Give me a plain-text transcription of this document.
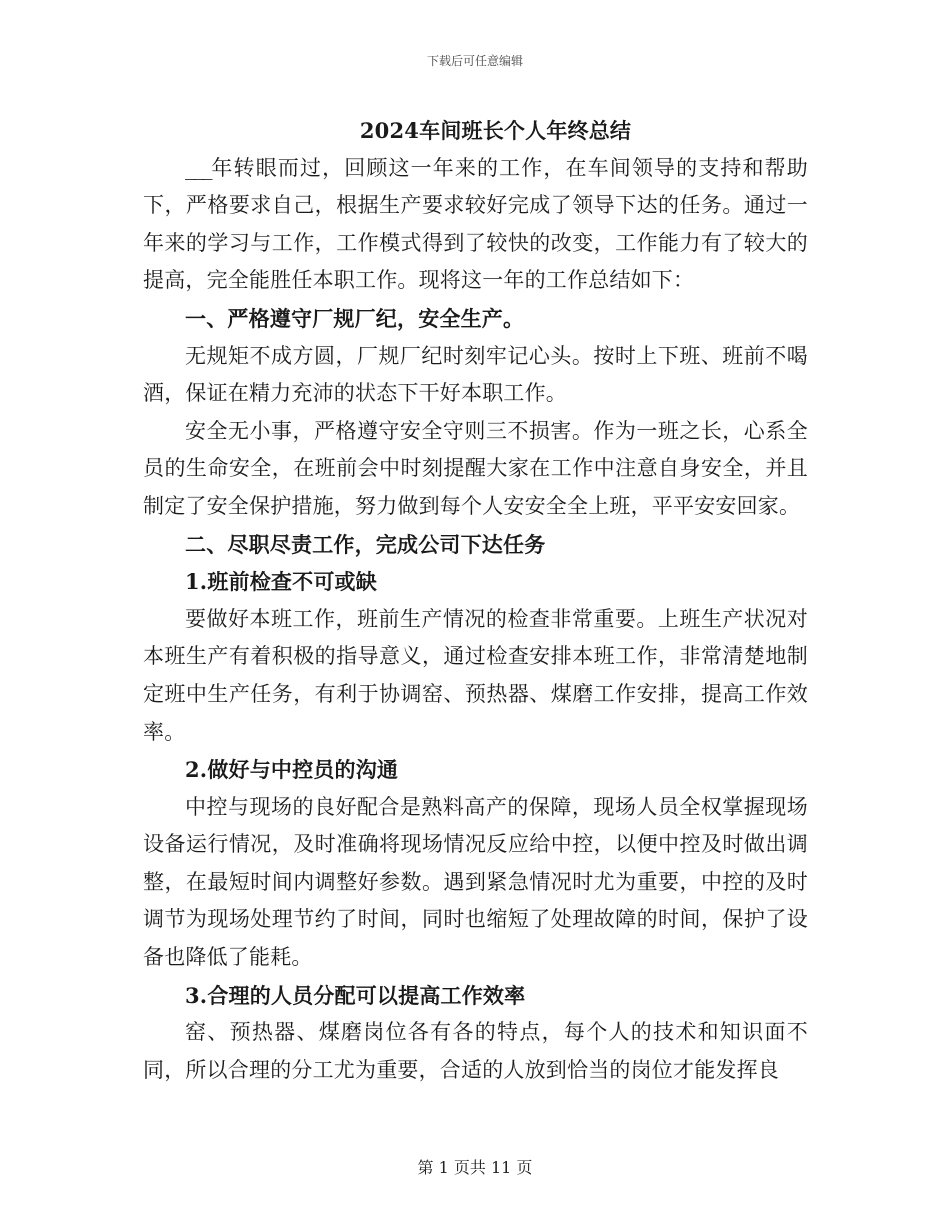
下载后可任意编辑
2024车间班长个人年终总结

___年转眼而过，回顾这一年来的工作，在车间领导的支持和帮助下，严格要求自己，根据生产要求较好完成了领导下达的任务。通过一年来的学习与工作，工作模式得到了较快的改变，工作能力有了较大的提高，完全能胜任本职工作。现将这一年的工作总结如下：

一、严格遵守厂规厂纪，安全生产。

无规矩不成方圆，厂规厂纪时刻牢记心头。按时上下班、班前不喝酒，保证在精力充沛的状态下干好本职工作。

安全无小事，严格遵守安全守则三不损害。作为一班之长，心系全员的生命安全，在班前会中时刻提醒大家在工作中注意自身安全，并且制定了安全保护措施，努力做到每个人安安全全上班，平平安安回家。

二、尽职尽责工作，完成公司下达任务

1.班前检查不可或缺

要做好本班工作，班前生产情况的检查非常重要。上班生产状况对本班生产有着积极的指导意义，通过检查安排本班工作，非常清楚地制定班中生产任务，有利于协调窑、预热器、煤磨工作安排，提高工作效率。

2.做好与中控员的沟通

中控与现场的良好配合是熟料高产的保障，现场人员全权掌握现场设备运行情况，及时准确将现场情况反应给中控，以便中控及时做出调整，在最短时间内调整好参数。遇到紧急情况时尤为重要，中控的及时调节为现场处理节约了时间，同时也缩短了处理故障的时间，保护了设备也降低了能耗。

3.合理的人员分配可以提高工作效率

窑、预热器、煤磨岗位各有各的特点，每个人的技术和知识面不同，所以合理的分工尤为重要，合适的人放到恰当的岗位才能发挥良

第 1 页共 11 页
